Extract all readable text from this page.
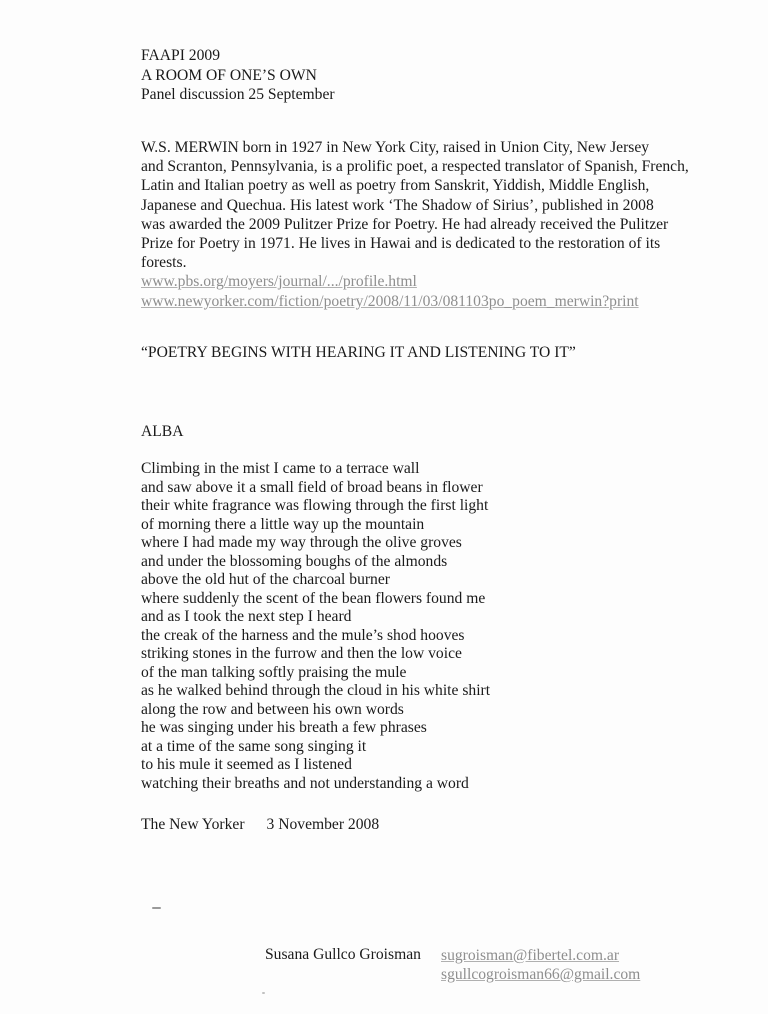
FAAPI 2009
A ROOM OF ONE’S OWN
Panel discussion 25 September
W.S. MERWIN born in 1927 in New York City, raised in Union City, New Jersey
and Scranton, Pennsylvania, is a prolific poet, a respected translator of Spanish, French,
Latin and Italian poetry as well as poetry from Sanskrit, Yiddish, Middle English,
Japanese and Quechua. His latest work ‘The Shadow of Sirius’, published in 2008
was awarded the 2009 Pulitzer Prize for Poetry. He had already received the Pulitzer
Prize for Poetry in 1971. He lives in Hawai and is dedicated to the restoration of its
forests.
www.pbs.org/moyers/journal/.../profile.html
www.newyorker.com/fiction/poetry/2008/11/03/081103po_poem_merwin?print
“POETRY BEGINS WITH HEARING IT AND LISTENING TO IT”
ALBA
Climbing in the mist I came to a terrace wall
and saw above it a small field of broad beans in flower
their white fragrance was flowing through the first light
of morning there a little way up the mountain
where I had made my way through the olive groves
and under the blossoming boughs of the almonds
above the old hut of the charcoal burner
where suddenly the scent of the bean flowers found me
and as I took the next step I heard
the creak of the harness and the mule’s shod hooves
striking stones in the furrow and then the low voice
of the man talking softly praising the mule
as he walked behind through the cloud in his white shirt
along the row and between his own words
he was singing under his breath a few phrases
at a time of the same song singing it
to his mule it seemed as I listened
watching their breaths and not understanding a word
The New Yorker 3 November 2008
Susana Gullco Groisman sugroisman@fibertel.com.ar
sgullcogroisman66@gmail.com
